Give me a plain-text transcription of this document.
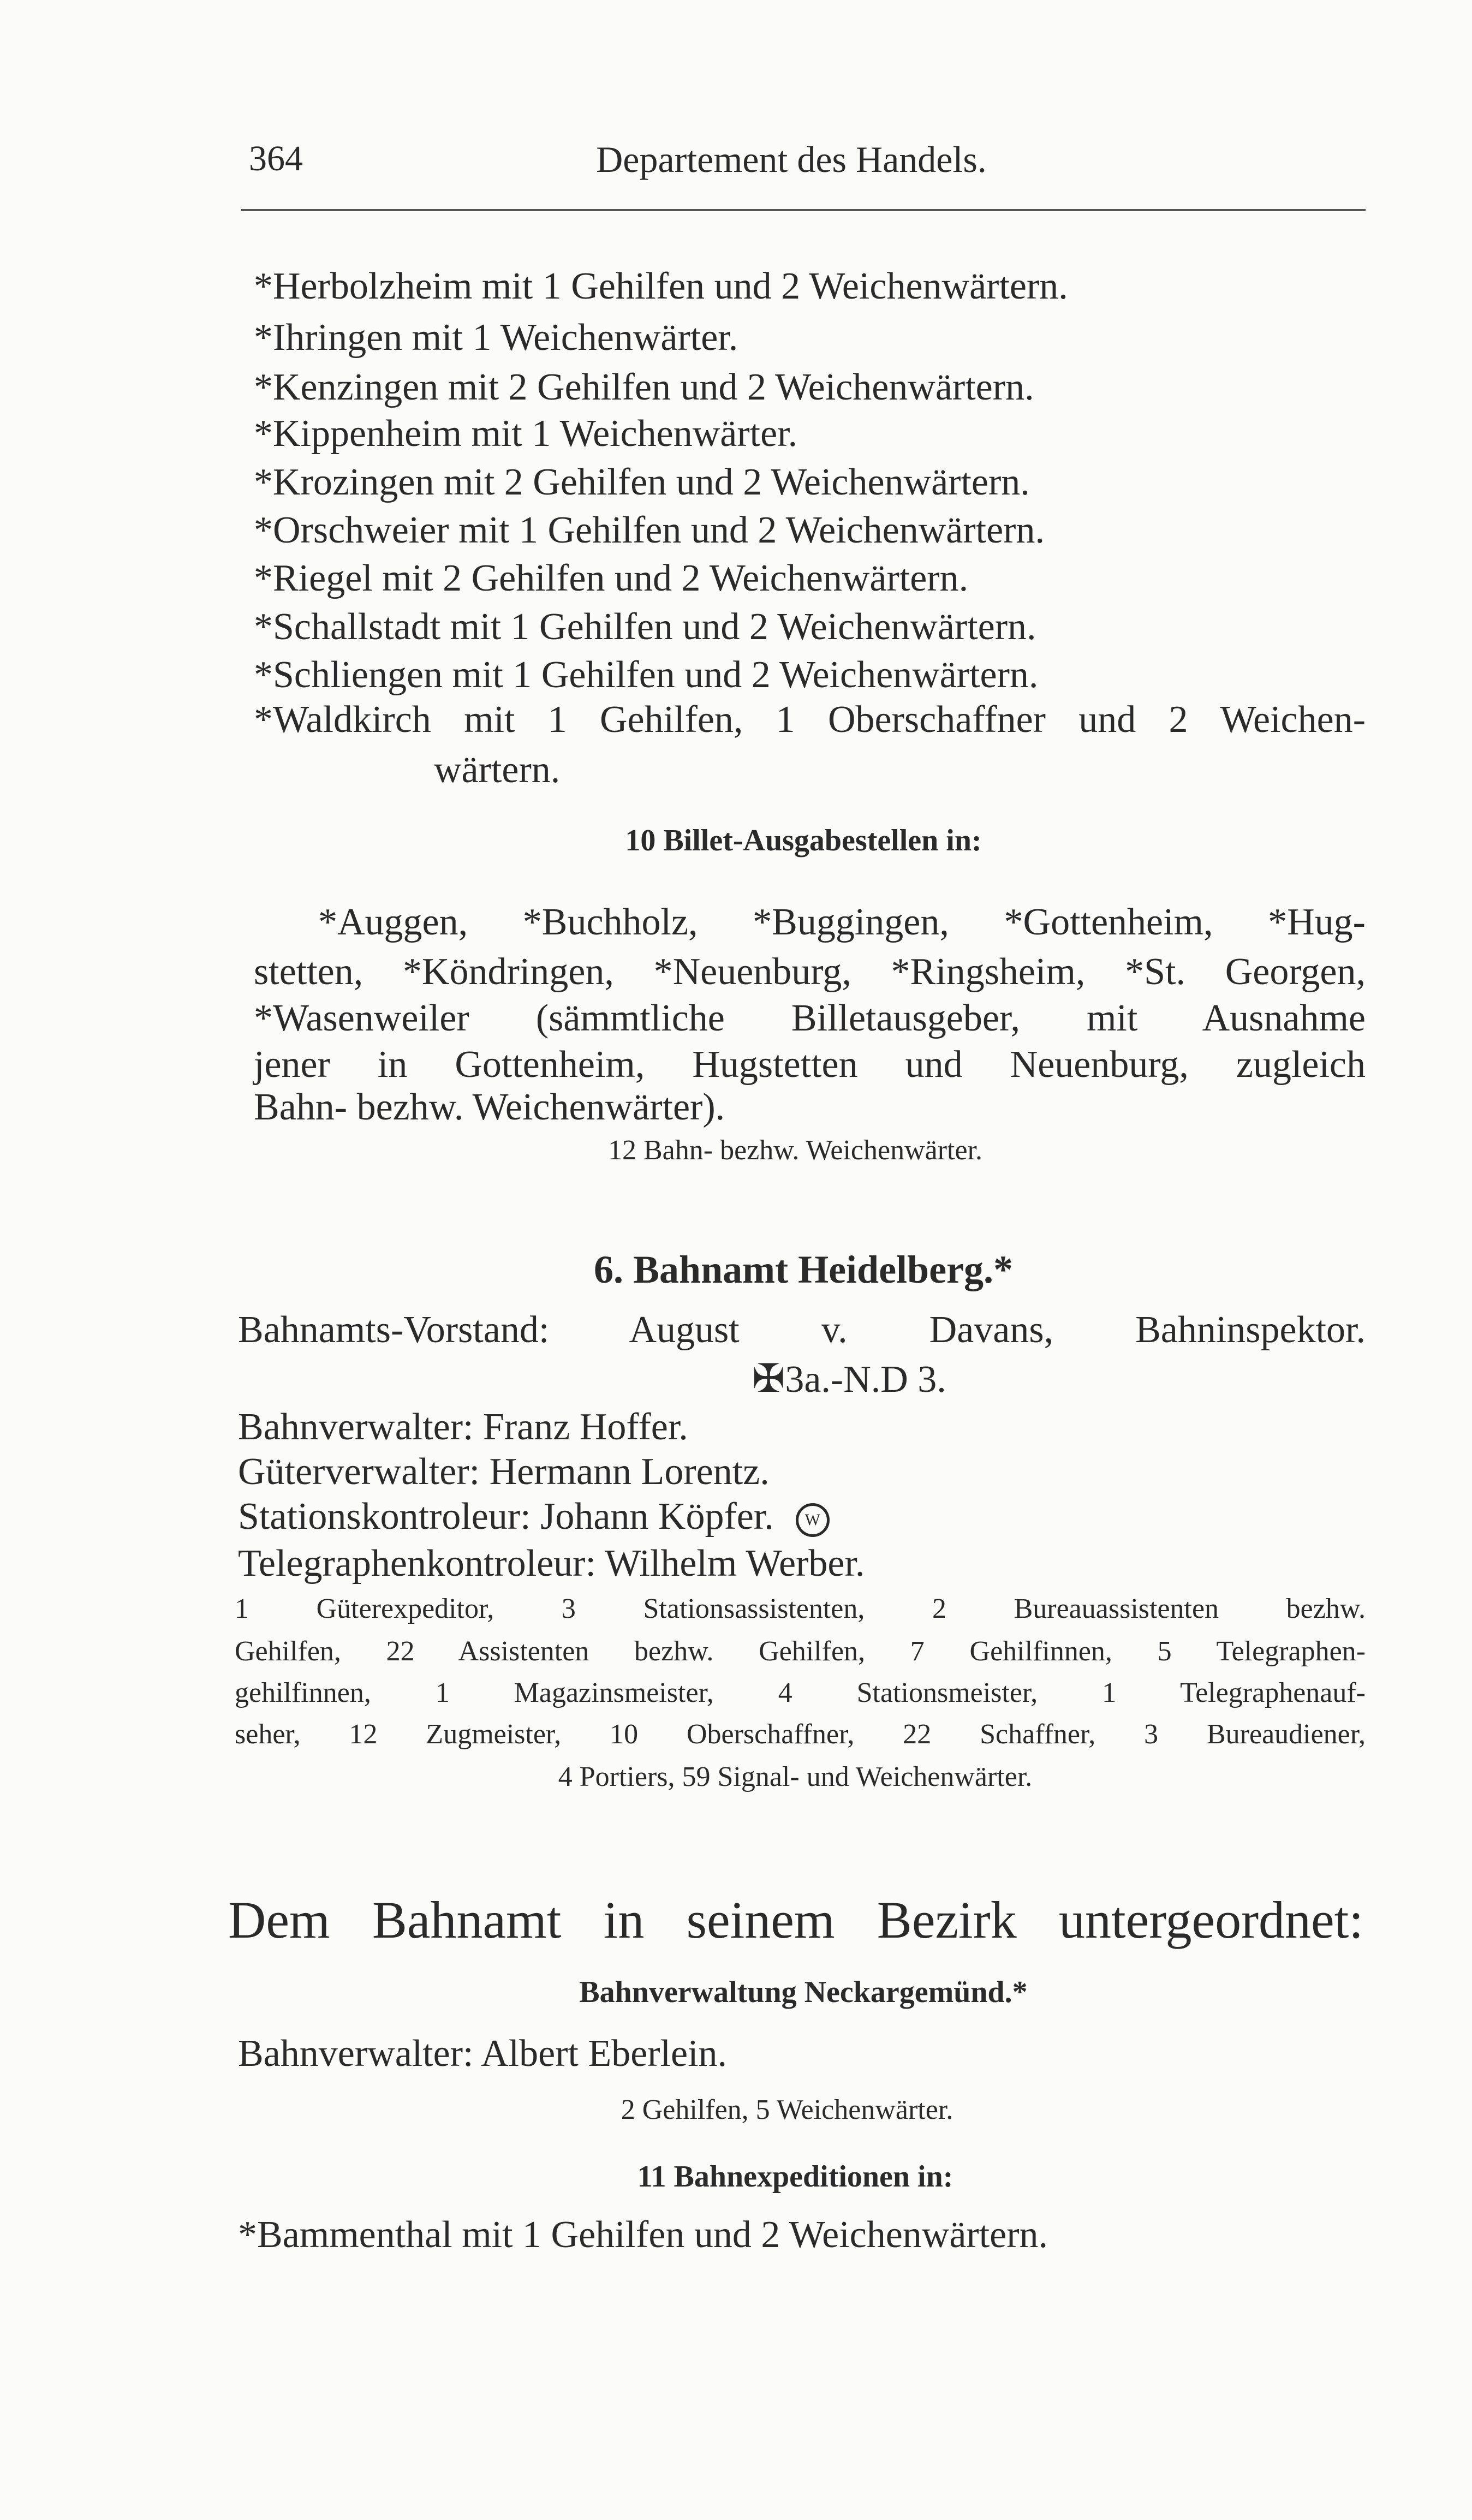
364	Departement des Handels.
*Herbolzheim mit 1 Gehilfen und 2 Weichenwärtern.
*Ihringen mit 1 Weichenwärter.
*Kenzingen mit 2 Gehilfen und 2 Weichenwärtern.
*Kippenheim mit 1 Weichenwärter.
*Krozingen mit 2 Gehilfen und 2 Weichenwärtern.
*Orschweier mit 1 Gehilfen und 2 Weichenwärtern.
*Riegel mit 2 Gehilfen und 2 Weichenwärtern.
*Schallstadt mit 1 Gehilfen und 2 Weichenwärtern.
*Schliengen mit 1 Gehilfen und 2 Weichenwärtern.
*Waldkirch mit 1 Gehilfen, 1 Oberschaffner und 2 Weichen-
wärtern.
10 Billet-Ausgabestellen in:
*Auggen, *Buchholz, *Buggingen, *Gottenheim, *Hug-
stetten, *Köndringen, *Neuenburg, *Ringsheim, *St. Georgen,
*Wasenweiler (sämmtliche Billetausgeber, mit Ausnahme
jener in Gottenheim, Hugstetten und Neuenburg, zugleich
Bahn- bezhw. Weichenwärter).
12 Bahn- bezhw. Weichenwärter.
6. Bahnamt Heidelberg.*
Bahnamts-Vorstand: August v. Davans, Bahninspektor.
✠3a.-N.D 3.
Bahnverwalter: Franz Hoffer.
Güterverwalter: Hermann Lorentz.
Stationskontroleur: Johann Köpfer. W
Telegraphenkontroleur: Wilhelm Werber.
1 Güterexpeditor, 3 Stationsassistenten, 2 Bureauassistenten bezhw.
Gehilfen, 22 Assistenten bezhw. Gehilfen, 7 Gehilfinnen, 5 Telegraphen-
gehilfinnen, 1 Magazinsmeister, 4 Stationsmeister, 1 Telegraphenauf-
seher, 12 Zugmeister, 10 Oberschaffner, 22 Schaffner, 3 Bureaudiener,
4 Portiers, 59 Signal- und Weichenwärter.
Dem Bahnamt in seinem Bezirk untergeordnet:
Bahnverwaltung Neckargemünd.*
Bahnverwalter: Albert Eberlein.
2 Gehilfen, 5 Weichenwärter.
11 Bahnexpeditionen in:
*Bammenthal mit 1 Gehilfen und 2 Weichenwärtern.
